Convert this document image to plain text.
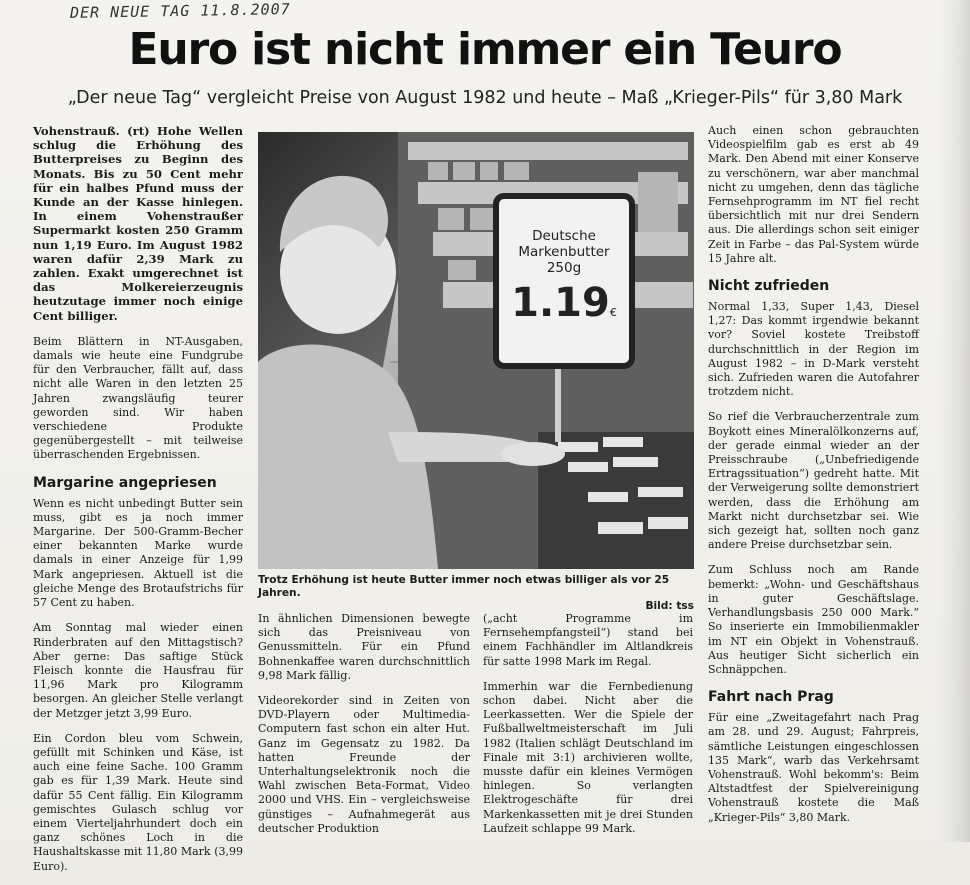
DER NEUE TAG 11.8.2007
Euro ist nicht immer ein Teuro
„Der neue Tag“ vergleicht Preise von August 1982 und heute – Maß „Krieger-Pils“ für 3,80 Mark

Vohenstrauß. (rt) Hohe Wellen schlug die Erhöhung des Butterpreises zu Beginn des Monats. Bis zu 50 Cent mehr für ein halbes Pfund muss der Kunde an der Kasse hinlegen. In einem Vohenstraußer Supermarkt kosten 250 Gramm nun 1,19 Euro. Im August 1982 waren dafür 2,39 Mark zu zahlen. Exakt umgerechnet ist das Molkereierzeugnis heutzutage immer noch einige Cent billiger.

Beim Blättern in NT-Ausgaben, damals wie heute eine Fundgrube für den Verbraucher, fällt auf, dass nicht alle Waren in den letzten 25 Jahren zwangsläufig teurer geworden sind. Wir haben verschiedene Produkte gegenübergestellt – mit teilweise überraschenden Ergebnissen.

Margarine angepriesen

Wenn es nicht unbedingt Butter sein muss, gibt es ja noch immer Margarine. Der 500-Gramm-Becher einer bekannten Marke wurde damals in einer Anzeige für 1,99 Mark angepriesen. Aktuell ist die gleiche Menge des Brotaufstrichs für 57 Cent zu haben.

Am Sonntag mal wieder einen Rinderbraten auf den Mittagstisch? Aber gerne: Das saftige Stück Fleisch konnte die Hausfrau für 11,96 Mark pro Kilogramm besorgen. An gleicher Stelle verlangt der Metzger jetzt 3,99 Euro.

Ein Cordon bleu vom Schwein, gefüllt mit Schinken und Käse, ist auch eine feine Sache. 100 Gramm gab es für 1,39 Mark. Heute sind dafür 55 Cent fällig. Ein Kilogramm gemischtes Gulasch schlug vor einem Vierteljahrhundert doch ein ganz schönes Loch in die Haushaltskasse mit 11,80 Mark (3,99 Euro).

Deutsche
Markenbutter
250g
1.19€
Trotz Erhöhung ist heute Butter immer noch etwas billiger als vor 25 Jahren.
Bild: tss

In ähnlichen Dimensionen bewegte sich das Preisniveau von Genussmitteln. Für ein Pfund Bohnenkaffee waren durchschnittlich 9,98 Mark fällig.

Videorekorder sind in Zeiten von DVD-Playern oder Multimedia-Computern fast schon ein alter Hut. Ganz im Gegensatz zu 1982. Da hatten Freunde der Unterhaltungselektronik noch die Wahl zwischen Beta-Format, Video 2000 und VHS. Ein – vergleichsweise günstiges – Aufnahmegerät aus deutscher Produktion

(„acht Programme im Fernsehempfangsteil“) stand bei einem Fachhändler im Altlandkreis für satte 1998 Mark im Regal.

Immerhin war die Fernbedienung schon dabei. Nicht aber die Leerkassetten. Wer die Spiele der Fußballweltmeisterschaft im Juli 1982 (Italien schlägt Deutschland im Finale mit 3:1) archivieren wollte, musste dafür ein kleines Vermögen hinlegen. So verlangten Elektrogeschäfte für drei Markenkassetten mit je drei Stunden Laufzeit schlappe 99 Mark.

Auch einen schon gebrauchten Videospielfilm gab es erst ab 49 Mark. Den Abend mit einer Konserve zu verschönern, war aber manchmal nicht zu umgehen, denn das tägliche Fernsehprogramm im NT fiel recht übersichtlich mit nur drei Sendern aus. Die allerdings schon seit einiger Zeit in Farbe – das Pal-System würde 15 Jahre alt.

Nicht zufrieden

Normal 1,33, Super 1,43, Diesel 1,27: Das kommt irgendwie bekannt vor? Soviel kostete Treibstoff durchschnittlich in der Region im August 1982 – in D-Mark versteht sich. Zufrieden waren die Autofahrer trotzdem nicht.

So rief die Verbraucherzentrale zum Boykott eines Mineralölkonzerns auf, der gerade einmal wieder an der Preisschraube („Unbefriedigende Ertragssituation“) gedreht hatte. Mit der Verweigerung sollte demonstriert werden, dass die Erhöhung am Markt nicht durchsetzbar sei. Wie sich gezeigt hat, sollten noch ganz andere Preise durchsetzbar sein.

Zum Schluss noch am Rande bemerkt: „Wohn- und Geschäftshaus in guter Geschäftslage. Verhandlungsbasis 250 000 Mark.“ So inserierte ein Immobilienmakler im NT ein Objekt in Vohenstrauß. Aus heutiger Sicht sicherlich ein Schnäppchen.

Fahrt nach Prag

Für eine „Zweitagefahrt nach Prag am 28. und 29. August; Fahrpreis, sämtliche Leistungen eingeschlossen 135 Mark“, warb das Verkehrsamt Vohenstrauß. Wohl bekomm's: Beim Altstadtfest der Spielvereinigung Vohenstrauß kostete die Maß „Krieger-Pils“ 3,80 Mark.
